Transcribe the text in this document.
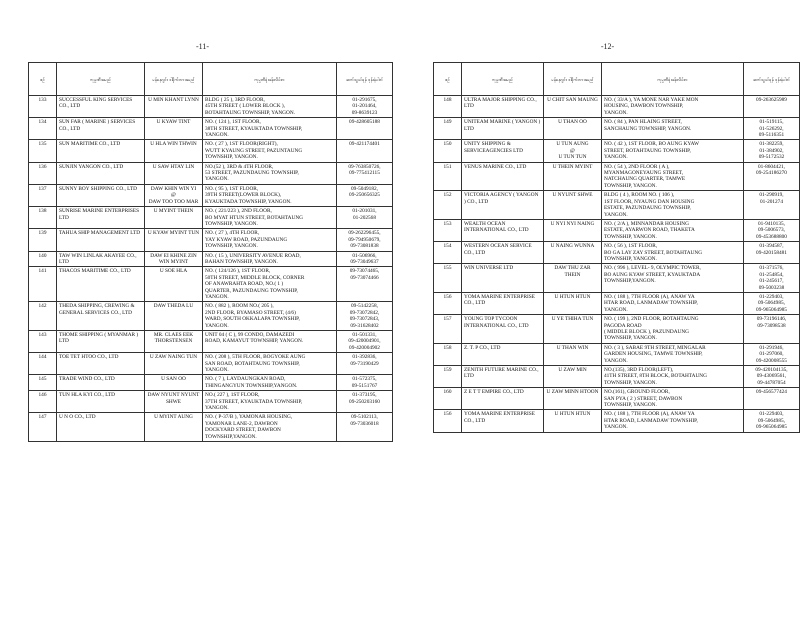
-11-
စဉ်	ကုမ္ပဏီအမည်	မန်နေဂျင်း ဒါရိုက်တာအမည်	ကုမ္ပဏီရုံးခန်းလိပ်စာ	ဆက်သွယ်ရန် ဖုန်းနံပါတ်
133	SUCCESSFUL KING SERVICES CO., LTD	U MIN KHANT LYNN	BLDG ( 25 ), 3RD FLOOR,
45TH STREET ( LOWER BLOCK ),
BOTAHTAUNG TOWNSHIP, YANGON.	01-291675,
01-201464,
09-8639123
134	SUN FAR ( MARINE ) SERVICES CO., LTD	U KYAW TINT	NO. ( 124 ), 1ST FLOOR,
38TH STREET, KYAUKTADA TOWNSHIP,
YANGON.	09-428605188
135	SUN MARITIME CO., LTD	U HLA WIN THWIN	NO. ( 27 ), 1ST FLOOR(RIGHT),
WUTT KYAUNG STREET, PAZUNTAUNG
TOWNSHIP, YANGON.	09-421174401
136	SUNJIN YANGON CO., LTD	U SAW HTAY LIN	NO.(52 ), 3RD & 4TH FLOOR,
53 STREET, PAZUNDAUNG TOWNSHIP,
YANGON.	09-763850726,
09-775412115
137	SUNNY BOY SHIPPING CO., LTD	DAW KHIN WIN YI
@
DAW TOO TOO MAR	NO. ( 95 ), 1ST FLOOR,
39TH STREET(LOWER BLOCK),
KYAUKTADA TOWNSHIP, YANGON.	09-5049182,
09-250656325
138	SUNRISE MARINE ENTERPRISES LTD	U MYINT THEIN	NO. ( 221/223 ), 2ND FLOOR,
BO MYAT HTUN STREET, BOTAHTAUNG
TOWNSHIP, YANGON.	01-201031,
01-202568
139	TAHUA SHIP MANAGEMENT LTD	U KYAW MYINT TUN	NO. ( 27 ), 4TH FLOOR,
YAY KYAW ROAD, PAZUNDAUNG
TOWNSHIP, YANGON.	09-262296455,
09-794950679,
09-73081838
140	TAW WIN LINLAK AKAYEE CO., LTD	DAW EI KHINE ZIN WIN MYINT	NO. ( 15 ), UNIVERSITY AVENUE ROAD,
BAHAN TOWNSHIP, YANGON.	01-506966,
09-73049637
141	THACOS MARITIME CO., LTD	U SOE HLA	NO. ( 124/126 ), 1ST FLOOR,
50TH STREET, MIDDLE BLOCK, CORNER
OF ANAWRAHTA ROAD, NO.( 1 )
QUARTER, PAZUNDAUNG TOWNSHIP,
YANGON.	09-73074465,
09-73074466
142	THEDA SHIPPING, CREWING & GENERAL SERVICES CO., LTD	DAW THEDA LU	NO. ( 882 ), ROOM NO.( 205 ),
2ND FLOOR, BYAMASO STREET, (4/6)
WARD, SOUTH OKKALAPA TOWNSHIP,
YANGON.	09-5142258,
09-73072842,
09-73072843,
09-31628402
143	THOME SHIPPING ( MYANMAR ) LTD	MR. CLAES EEK THORSTENSEN	UNIT 04 ( C ), 99 CONDO, DAMAZEDI
ROAD, KAMAYUT TOWNSHIP, YANGON.	01-501331,
09-420004901,
09-420004902
144	TOE TET HTOO CO., LTD	U ZAW NAING TUN	NO. ( 208 ), 5TH FLOOR, BOGYOKE AUNG
SAN ROAD, BOTAHTAUNG TOWNSHIP,
YANGON.	01-392836,
09-73190429
145	TRADE WIND CO., LTD	U SAN OO	NO. ( 7 ), LAYDAUNGKAN ROAD,
THINGANGYUN TOWNSHIP,YANGON.	01-572375,
09-5151767
146	TUN HLA KYI CO., LTD	DAW NYUNT NYUNT SHWE	NO.( 227 ), 1ST FLOOR,
37TH STREET, KYAUKTADA TOWNSHIP,
YANGON.	01-373195,
09-250203160
147	U N O CO., LTD	U MYINT AUNG	NO. ( P-37/B ), YAMONAR HOUSING,
YAMONAR LANE-2, DAWBON
DOCKYARD STREET, DAWBON
TOWNSHIP,YANGON.	09-5102113,
09-73036018
-12-
စဉ်	ကုမ္ပဏီအမည်	မန်နေဂျင်း ဒါရိုက်တာအမည်	ကုမ္ပဏီရုံးခန်းလိပ်စာ	ဆက်သွယ်ရန် ဖုန်းနံပါတ်
148	ULTRA MAJOR SHIPPING CO., LTD	U CHIT SAN MAUNG	NO. ( 33/A ), YA MONE NAR YAKE MON
HOUSING, DAWBON TOWNSHIP,
YANGON.	09-263625989
149	UNITEAM MARINE ( YANGON ) LTD	U THAN OO	NO. ( 84 ), PAN HLAING STREET,
SANCHAUNG TOWNSHIP, YANGON.	01-519115,
01-526292,
09-5116351
150	UNITY SHIPPING & SERVICEAGENCIES LTD	U TUN AUNG
@
U TUN TUN	NO. ( 42 ), 1ST FLOOR, BO AUNG KYAW
STREET, BOTAHTAUNG TOWNSHIP,
YANGON.	01-382259,
01-384902,
09-5172532
151	VENUS MARINE CO., LTD	U THEIN MYINT	NO. ( 54 ), 2ND FLOOR ( A ),
MYANMAGONEYAUNG STREET,
NATCHAUNG QUARTER, TAMWE
TOWNSHIP, YANGON.	01-8604421,
09-254186270
152	VICTORIA AGENCY ( YANGON ) CO., LTD	U NYUNT SHWE	BLDG ( 4 ), ROOM NO. ( 106 ),
1ST FLOOR, NYAUNG DAN HOUSING
ESTATE, PAZUNDAUNG TOWNSHIP,
YANGON.	01-290919,
01-201274
153	WEALTH OCEAN INTERNATIONAL CO., LTD	U NYI NYI NAING	NO. ( 2/A ), MINNANDAR HOUSING
ESTATE, AYARWON ROAD, THAKETA
TOWNSHIP, YANGON.	01-9410135,
09-5006573,
09-453688800
154	WESTERN OCEAN SERVICE CO., LTD	U NAING WUNNA	NO. ( 56 ), 1ST FLOOR,
BO GA LAY ZAY STREET, BOTAHTAUNG
TOWNSHIP, YANGON.	01-394587,
09-420158481
155	WIN UNIVERSE LTD	DAW THU ZAR THEIN	NO. ( 996 ), LEVEL- 9, OLYMPIC TOWER,
BO AUNG KYAW STREET, KYAUKTADA
TOWNSHIP,YANGON.	01-371576,
01-254854,
01-245617,
09-5003238
156	YOMA MARINE ENTERPRISE CO., LTD	U HTUN HTUN	NO. ( 188 ), 7TH FLOOR (A), ANAW YA
HTAR ROAD, LANMADAW TOWNSHIP,
YANGON.	01-229403,
09-5064985,
09-965064985
157	YOUNG TOP TYCOON INTERNATIONAL CO., LTD	U YE THIHA TUN	NO. ( 199 ), 2ND FLOOR, BOTAHTAUNG
PAGODA ROAD
( MIDDLE BLOCK ), PAZUNDAUNG
TOWNSHIP, YANGON.	09-73196146,
09-73098538
158	Z. T. P CO., LTD	U THAN WIN	NO. ( 3 ), SABAE 9TH STREET, MINGALAR
GARDEN HOUSING, TAMWE TOWNSHIP,
YANGON.	01-291946,
01-297060,
09-420008555
159	ZENITH FUTURE MARINE CO., LTD	U ZAW MIN	NO.(135), 3RD FLOOR(LEFT),
41TH STREET, 8TH BLOCK, BOTAHTAUNG
TOWNSHIP, YANGON.	09-420104135,
09-43069561,
09-44787054
160	Z E T T EMPIRE CO., LTD	U ZAW MINN HTOON	NO.(161), GROUND FLOOR,
SAN PYA ( 2 ) STREET, DAWBON
TOWNSHIP, YANGON.	09-456577424
156	YOMA MARINE ENTERPRISE CO., LTD	U HTUN HTUN	NO. ( 188 ), 7TH FLOOR (A), ANAW YA
HTAR ROAD, LANMADAW TOWNSHIP,
YANGON.	01-229403,
09-5064985,
09-965064985
